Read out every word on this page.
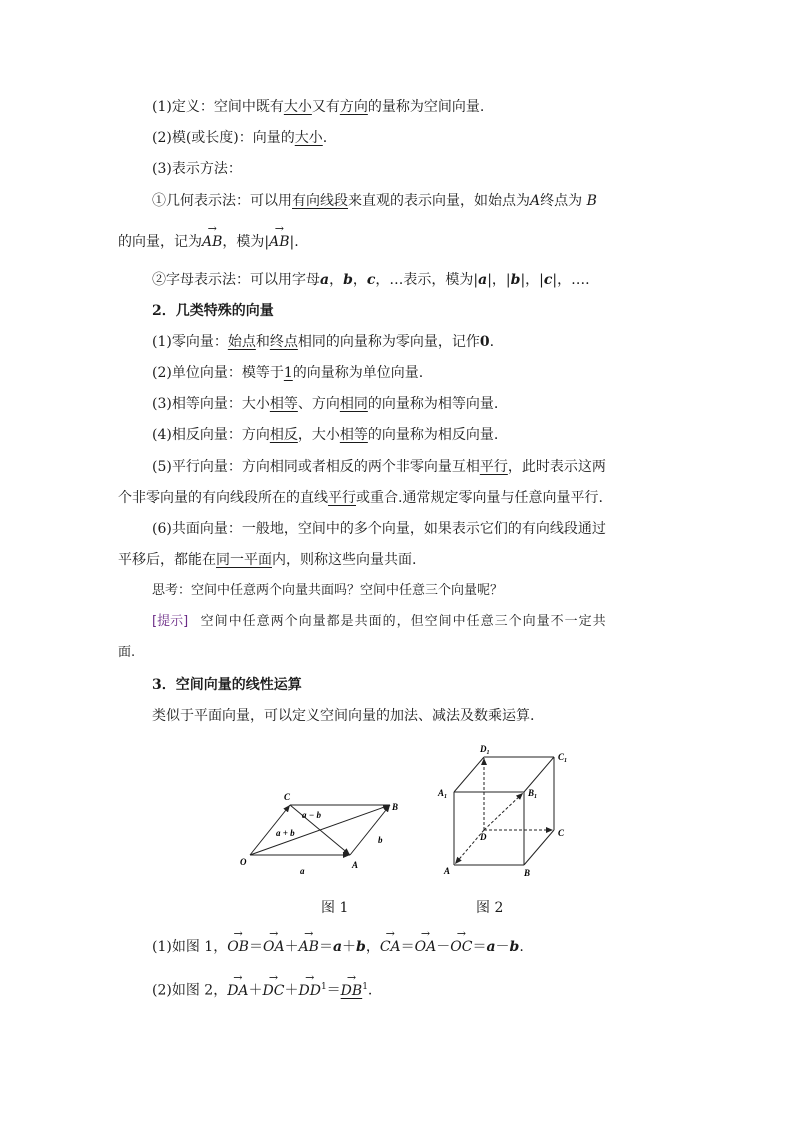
(1)定义：空间中既有大小又有方向的量称为空间向量.
(2)模(或长度)：向量的大小.
(3)表示方法：
①几何表示法：可以用有向线段来直观的表示向量，如始点为A终点为 B
的向量，记为→ AB，模为|→ AB|.
②字母表示法：可以用字母a，b，c，…表示，模为|a|，|b|，|c|，….
2．几类特殊的向量
(1)零向量：始点和终点相同的向量称为零向量，记作0.
(2)单位向量：模等于1的向量称为单位向量.
(3)相等向量：大小相等、方向相同的向量称为相等向量.
(4)相反向量：方向相反，大小相等的向量称为相反向量.
(5)平行向量：方向相同或者相反的两个非零向量互相平行，此时表示这两
个非零向量的有向线段所在的直线平行或重合.通常规定零向量与任意向量平行.
(6)共面向量：一般地，空间中的多个向量，如果表示它们的有向线段通过
平移后，都能在同一平面内，则称这些向量共面.
思考：空间中任意两个向量共面吗？空间中任意三个向量呢？
[提示] 空间中任意两个向量都是共面的，但空间中任意三个向量不一定共
面.
3．空间向量的线性运算
类似于平面向量，可以定义空间向量的加法、减法及数乘运算.
O	A
B
C
a
b
a + b
a − b
图 1
A	B
C
D
$A_1$	$B_1$
$C_1$
$D_1$
图 2
(1)如图 1，→ OB＝→ OA＋→ AB＝a＋b，→ CA＝→ OA－→ OC＝a－b.
(2)如图 2，→ $DA+\to DC+\to DD^1=\to DB^1$.
